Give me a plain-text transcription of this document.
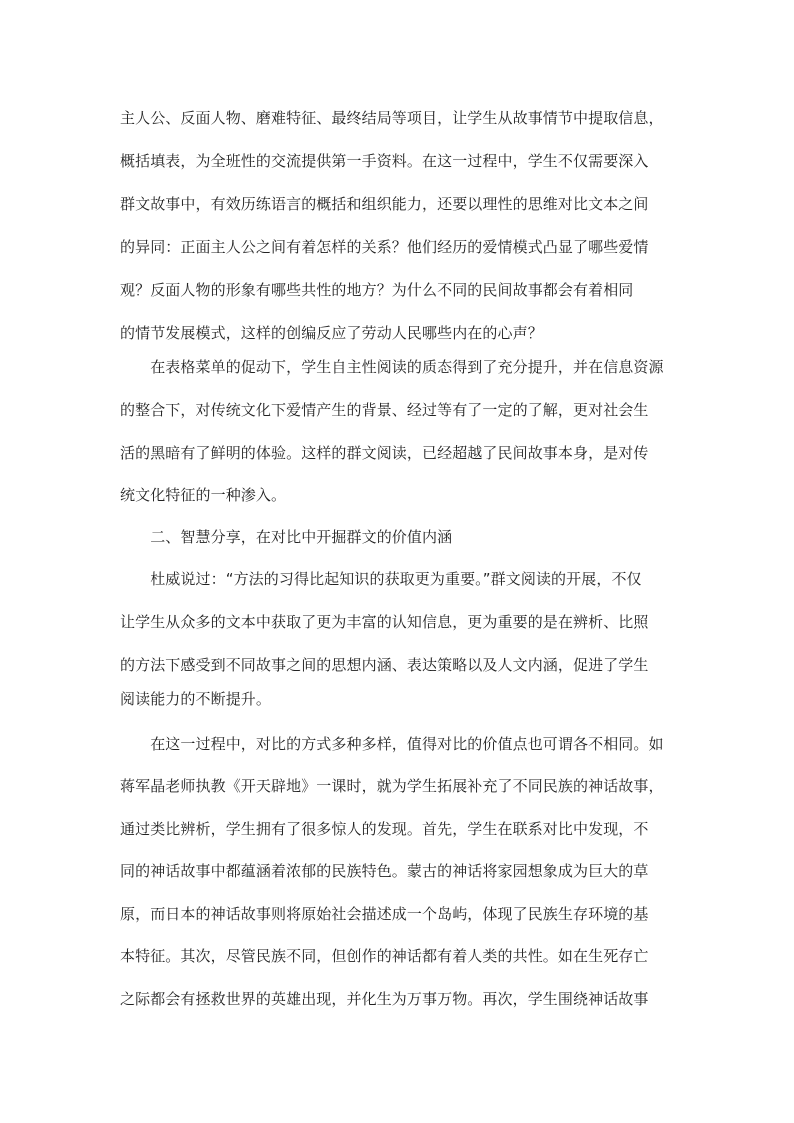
主人公、反面人物、磨难特征、最终结局等项目，让学生从故事情节中提取信息，
概括填表，为全班性的交流提供第一手资料。在这一过程中，学生不仅需要深入
群文故事中，有效历练语言的概括和组织能力，还要以理性的思维对比文本之间
的异同：正面主人公之间有着怎样的关系？他们经历的爱情模式凸显了哪些爱情
观？反面人物的形象有哪些共性的地方？为什么不同的民间故事都会有着相同
的情节发展模式，这样的创编反应了劳动人民哪些内在的心声？
　　在表格菜单的促动下，学生自主性阅读的质态得到了充分提升，并在信息资源
的整合下，对传统文化下爱情产生的背景、经过等有了一定的了解，更对社会生
活的黑暗有了鲜明的体验。这样的群文阅读，已经超越了民间故事本身，是对传
统文化特征的一种渗入。
　　二、智慧分享，在对比中开掘群文的价值内涵
　　杜威说过：“方法的习得比起知识的获取更为重要。”群文阅读的开展，不仅
让学生从众多的文本中获取了更为丰富的认知信息，更为重要的是在辨析、比照
的方法下感受到不同故事之间的思想内涵、表达策略以及人文内涵，促进了学生
阅读能力的不断提升。
　　在这一过程中，对比的方式多种多样，值得对比的价值点也可谓各不相同。如
蒋军晶老师执教《开天辟地》一课时，就为学生拓展补充了不同民族的神话故事，
通过类比辨析，学生拥有了很多惊人的发现。首先，学生在联系对比中发现，不
同的神话故事中都蕴涵着浓郁的民族特色。蒙古的神话将家园想象成为巨大的草
原，而日本的神话故事则将原始社会描述成一个岛屿，体现了民族生存环境的基
本特征。其次，尽管民族不同，但创作的神话都有着人类的共性。如在生死存亡
之际都会有拯救世界的英雄出现，并化生为万事万物。再次，学生围绕神话故事
